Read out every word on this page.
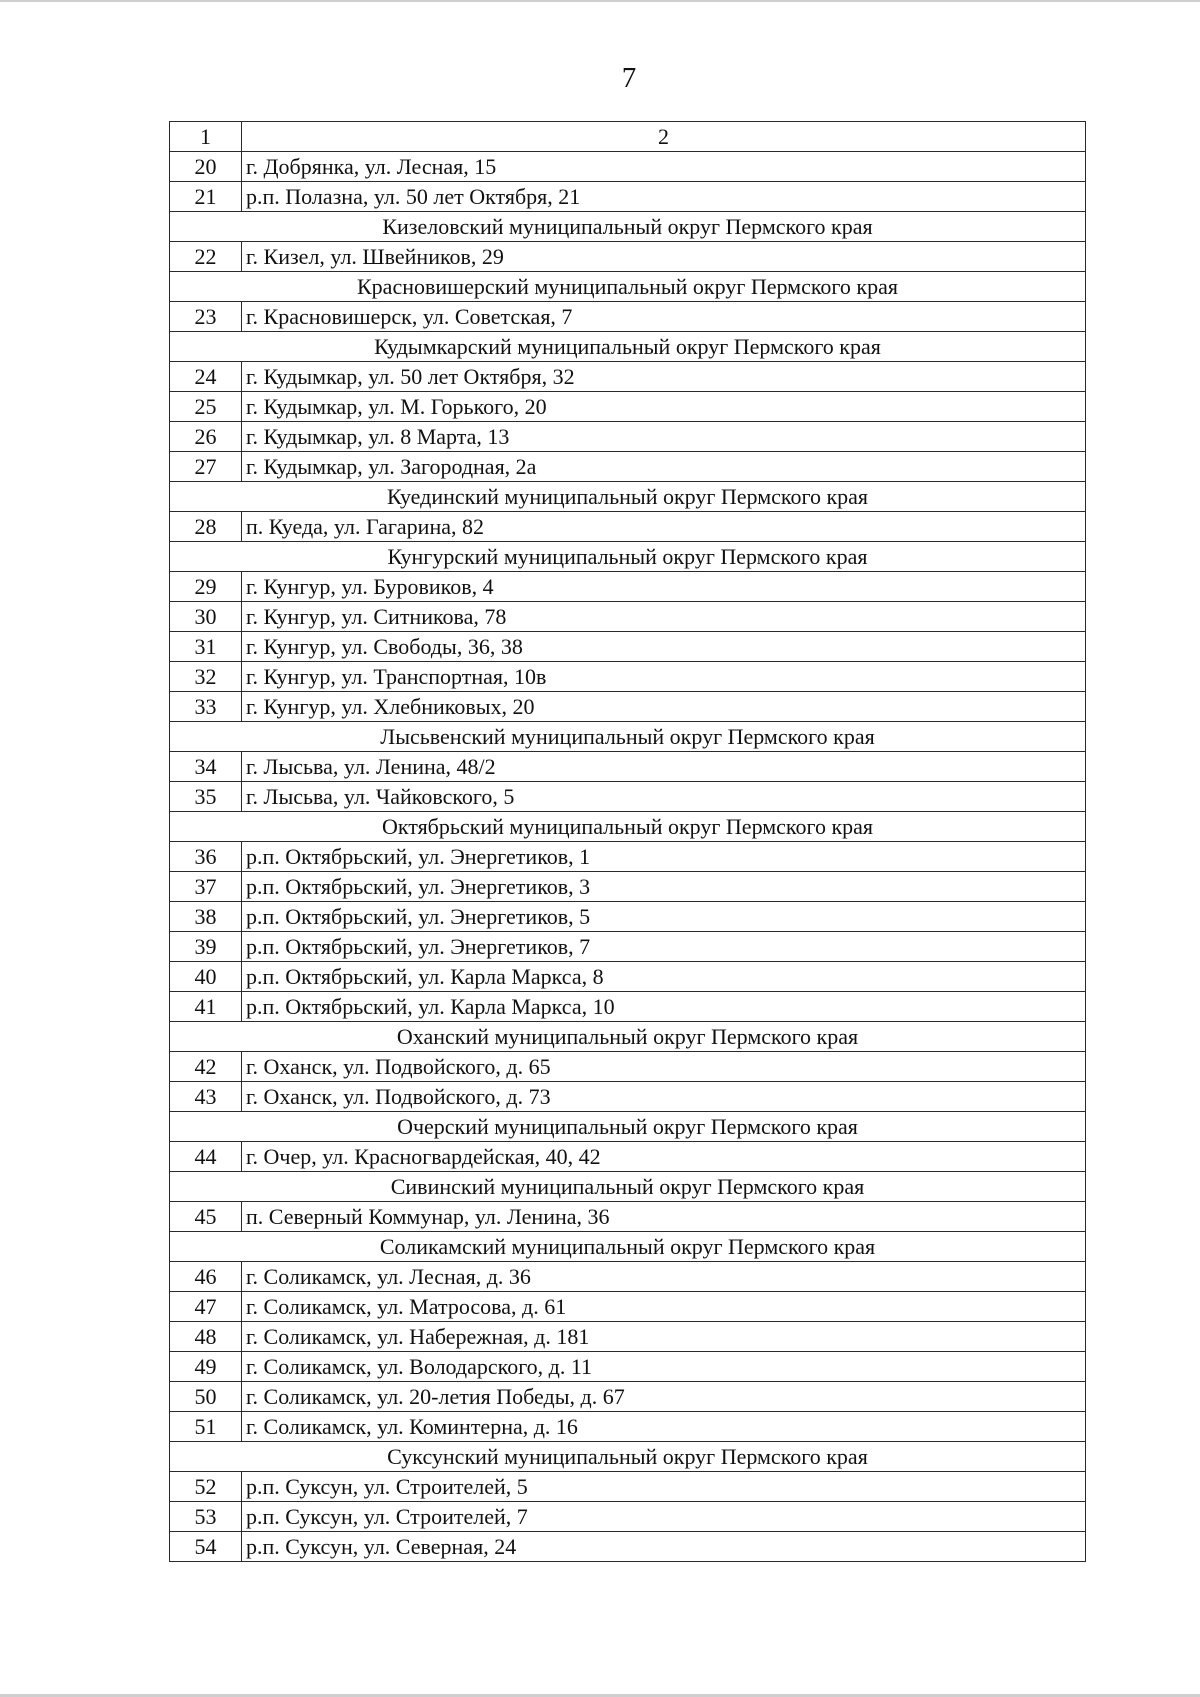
7
1	2
20	г. Добрянка, ул. Лесная, 15
21	р.п. Полазна, ул. 50 лет Октября, 21
Кизеловский муниципальный округ Пермского края	
22	г. Кизел, ул. Швейников, 29
Красновишерский муниципальный округ Пермского края	
23	г. Красновишерск, ул. Советская, 7
Кудымкарский муниципальный округ Пермского края	
24	г. Кудымкар, ул. 50 лет Октября, 32
25	г. Кудымкар, ул. М. Горького, 20
26	г. Кудымкар, ул. 8 Марта, 13
27	г. Кудымкар, ул. Загородная, 2а
Куединский муниципальный округ Пермского края	
28	п. Куеда, ул. Гагарина, 82
Кунгурский муниципальный округ Пермского края	
29	г. Кунгур, ул. Буровиков, 4
30	г. Кунгур, ул. Ситникова, 78
31	г. Кунгур, ул. Свободы, 36, 38
32	г. Кунгур, ул. Транспортная, 10в
33	г. Кунгур, ул. Хлебниковых, 20
Лысьвенский муниципальный округ Пермского края	
34	г. Лысьва, ул. Ленина, 48/2
35	г. Лысьва, ул. Чайковского, 5
Октябрьский муниципальный округ Пермского края	
36	р.п. Октябрьский, ул. Энергетиков, 1
37	р.п. Октябрьский, ул. Энергетиков, 3
38	р.п. Октябрьский, ул. Энергетиков, 5
39	р.п. Октябрьский, ул. Энергетиков, 7
40	р.п. Октябрьский, ул. Карла Маркса, 8
41	р.п. Октябрьский, ул. Карла Маркса, 10
Оханский муниципальный округ Пермского края	
42	г. Оханск, ул. Подвойского, д. 65
43	г. Оханск, ул. Подвойского, д. 73
Очерский муниципальный округ Пермского края	
44	г. Очер, ул. Красногвардейская, 40, 42
Сивинский муниципальный округ Пермского края	
45	п. Северный Коммунар, ул. Ленина, 36
Соликамский муниципальный округ Пермского края	
46	г. Соликамск, ул. Лесная, д. 36
47	г. Соликамск, ул. Матросова, д. 61
48	г. Соликамск, ул. Набережная, д. 181
49	г. Соликамск, ул. Володарского, д. 11
50	г. Соликамск, ул. 20-летия Победы, д. 67
51	г. Соликамск, ул. Коминтерна, д. 16
Суксунский муниципальный округ Пермского края	
52	р.п. Суксун, ул. Строителей, 5
53	р.п. Суксун, ул. Строителей, 7
54	р.п. Суксун, ул. Северная, 24
